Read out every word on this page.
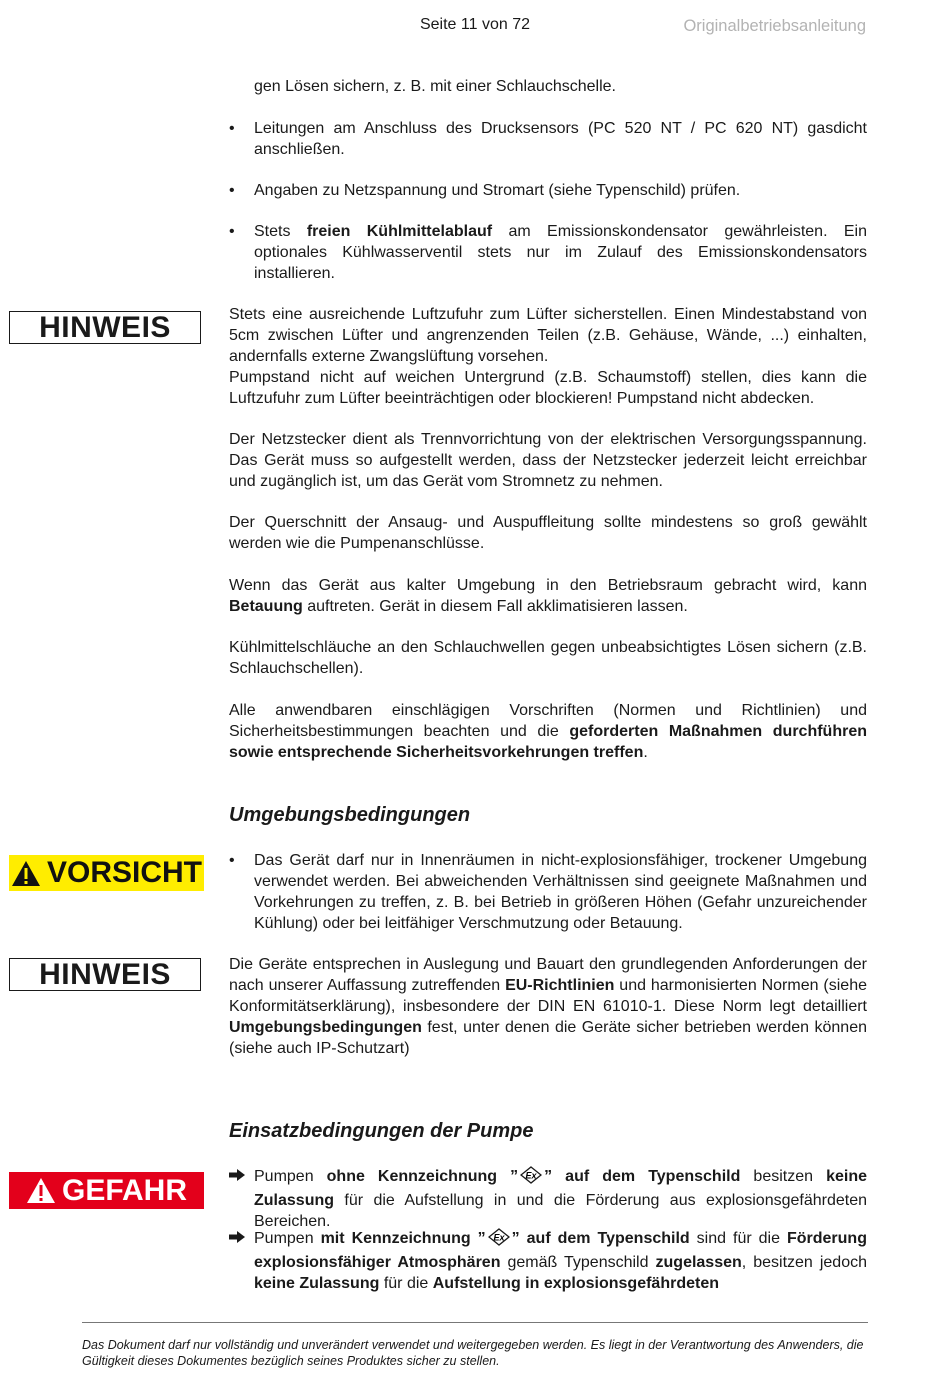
Seite 11 von 72	Originalbetriebsanleitung
gen Lösen sichern, z. B. mit einer Schlauchschelle.
•	Leitungen am Anschluss des Drucksensors (PC 520 NT / PC 620 NT) gasdicht anschließen.
•	Angaben zu Netzspannung und Stromart (siehe Typenschild) prüfen.
•	Stets freien Kühlmittelablauf am Emissionskondensator gewährleisten. Ein optionales Kühlwasserventil stets nur im Zulauf des Emissionskondensators installieren.
HINWEIS	Stets eine ausreichende Luftzufuhr zum Lüfter sicherstellen. Einen Mindestabstand von 5cm zwischen Lüfter und angrenzenden Teilen (z.B. Gehäuse, Wände, ...) einhalten, andernfalls externe Zwangslüftung vorsehen.
Pumpstand nicht auf weichen Untergrund (z.B. Schaumstoff) stellen, dies kann die Luftzufuhr zum Lüfter beeinträchtigen oder blockieren! Pumpstand nicht abdecken.
Der Netzstecker dient als Trennvorrichtung von der elektrischen Versorgungsspannung. Das Gerät muss so aufgestellt werden, dass der Netzstecker jederzeit leicht erreichbar und zugänglich ist, um das Gerät vom Stromnetz zu nehmen.
Der Querschnitt der Ansaug- und Auspuffleitung sollte mindestens so groß gewählt werden wie die Pumpenanschlüsse.
Wenn das Gerät aus kalter Umgebung in den Betriebsraum gebracht wird, kann Betauung auftreten. Gerät in diesem Fall akklimatisieren lassen.
Kühlmittelschläuche an den Schlauchwellen gegen unbeabsichtigtes Lösen sichern (z.B. Schlauchschellen).
Alle anwendbaren einschlägigen Vorschriften (Normen und Richtlinien) und Sicherheitsbestimmungen beachten und die geforderten Maßnahmen durchführen sowie entsprechende Sicherheitsvorkehrungen treffen.
Umgebungsbedingungen
VORSICHT •	Das Gerät darf nur in Innenräumen in nicht-explosionsfähiger, trockener Umgebung verwendet werden. Bei abweichenden Verhältnissen sind geeignete Maßnahmen und Vorkehrungen zu treffen, z. B. bei Betrieb in größeren Höhen (Gefahr unzureichender Kühlung) oder bei leitfähiger Verschmutzung oder Betauung.
HINWEIS	Die Geräte entsprechen in Auslegung und Bauart den grundlegenden Anforderungen der nach unserer Auffassung zutreffenden EU-Richtlinien und harmonisierten Normen (siehe Konformitätserklärung), insbesondere der DIN EN 61010-1. Diese Norm legt detailliert Umgebungsbedingungen fest, unter denen die Geräte sicher betrieben werden können (siehe auch IP-Schutzart)
Einsatzbedingungen der Pumpe
GEFAHR	Pumpen ohne Kennzeichnung ” Ex ” auf dem Typenschild besitzen keine Zulassung für die Aufstellung in und die Förderung aus explosionsgefährdeten Bereichen.
Pumpen mit Kennzeichnung ” Ex ” auf dem Typenschild sind für die Förderung explosionsfähiger Atmosphären gemäß Typenschild zugelassen, besitzen jedoch keine Zulassung für die Aufstellung in explosionsgefährdeten
Das Dokument darf nur vollständig und unverändert verwendet und weitergegeben werden. Es liegt in der Verantwortung des Anwenders, die Gültigkeit dieses Dokumentes bezüglich seines Produktes sicher zu stellen.
